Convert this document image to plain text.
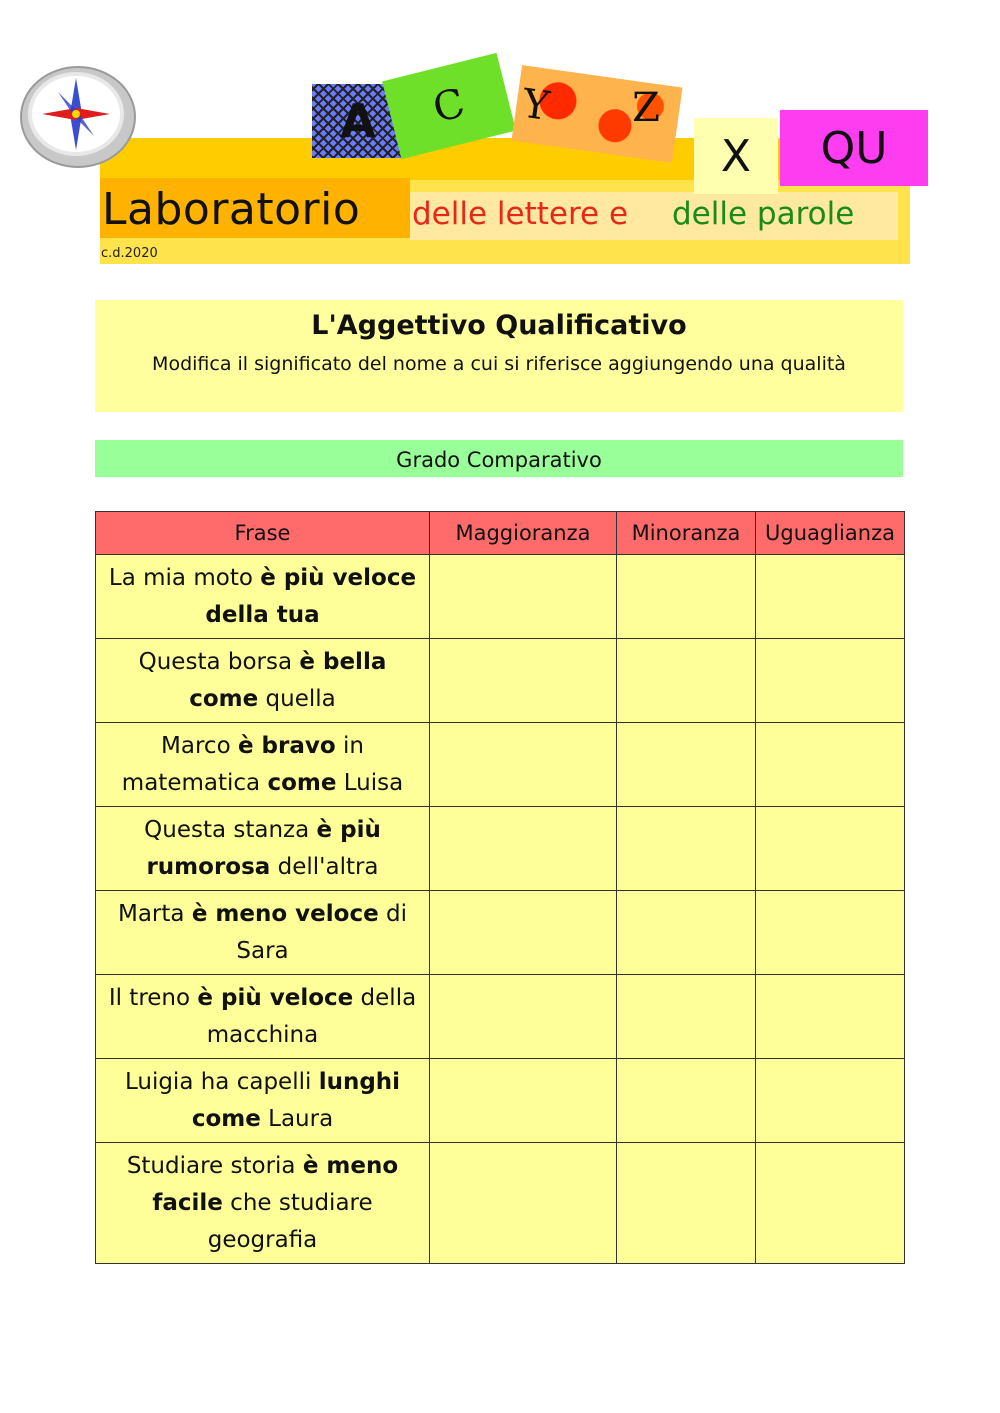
A	C	Y	Z
X	QU
Laboratorio delle lettere e delle parole
c.d.2020
L'Aggettivo Qualificativo
Modifica il significato del nome a cui si riferisce aggiungendo una qualità
Grado Comparativo
Frase	Maggioranza	Minoranza	Uguaglianza

La mia moto è più veloce della tua			

Questa borsa è bella come quella			

Marco è bravo in matematica come Luisa			

Questa stanza è più rumorosa dell'altra			

Marta è meno veloce di Sara			

Il treno è più veloce della macchina			

Luigia ha capelli lunghi come Laura			

Studiare storia è meno facile che studiare geografia			
